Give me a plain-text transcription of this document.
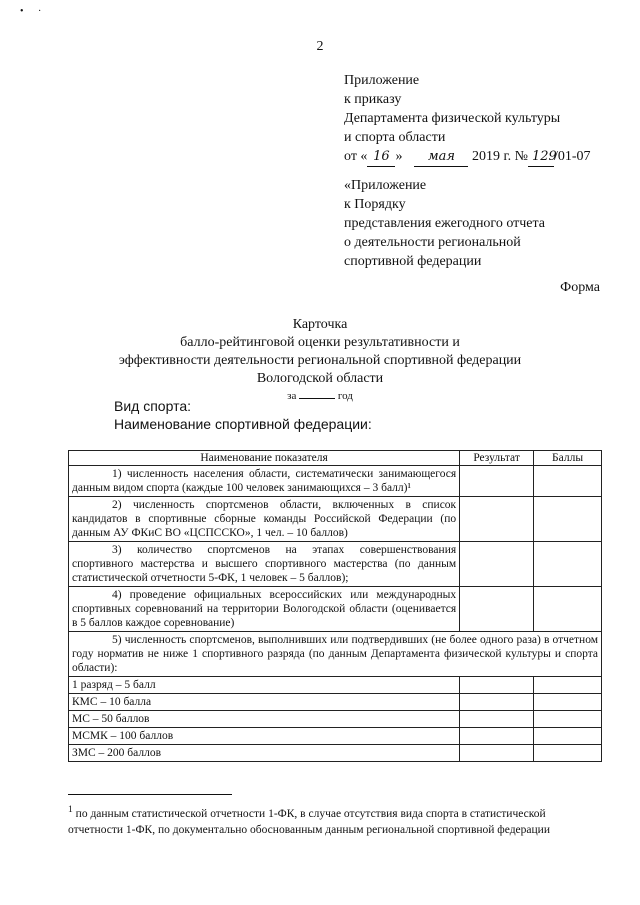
• ·
2
Приложение
к приказу
Департамента физической культуры
и спорта области
от « 16 » мая 2019 г. № 129/01-07
«Приложение
к Порядку
представления ежегодного отчета
о деятельности региональной
спортивной федерации
Форма
Карточка
балло-рейтинговой оценки результативности и
эффективности деятельности региональной спортивной федерации
Вологодской области
за	год
Вид спорта:
Наименование спортивной федерации:
Наименование показателя	Результат	Баллы
1) численность населения области, систематически занимающегося данным видом спорта (каждые 100 человек занимающихся – 3 балл)¹		
2) численность спортсменов области, включенных в список кандидатов в спортивные сборные команды Российской Федерации (по данным АУ ФКиС ВО «ЦСПССКО», 1 чел. – 10 баллов)		
3) количество спортсменов на этапах совершенствования спортивного мастерства и высшего спортивного мастерства (по данным статистической отчетности 5-ФК, 1 человек – 5 баллов);		
4) проведение официальных всероссийских или международных спортивных соревнований на территории Вологодской области (оценивается в 5 баллов каждое соревнование)		
5) численность спортсменов, выполнивших или подтвердивших (не более одного раза) в отчетном году норматив не ниже 1 спортивного разряда (по данным Департамента физической культуры и спорта области):		
1 разряд – 5 балл		
КМС – 10 балла		
МС – 50 баллов		
МСМК – 100 баллов		
ЗМС – 200 баллов		
$^1$ по данным статистической отчетности 1-ФК, в случае отсутствия вида спорта в статистической отчетности 1-ФК, по документально обоснованным данным региональной спортивной федерации
